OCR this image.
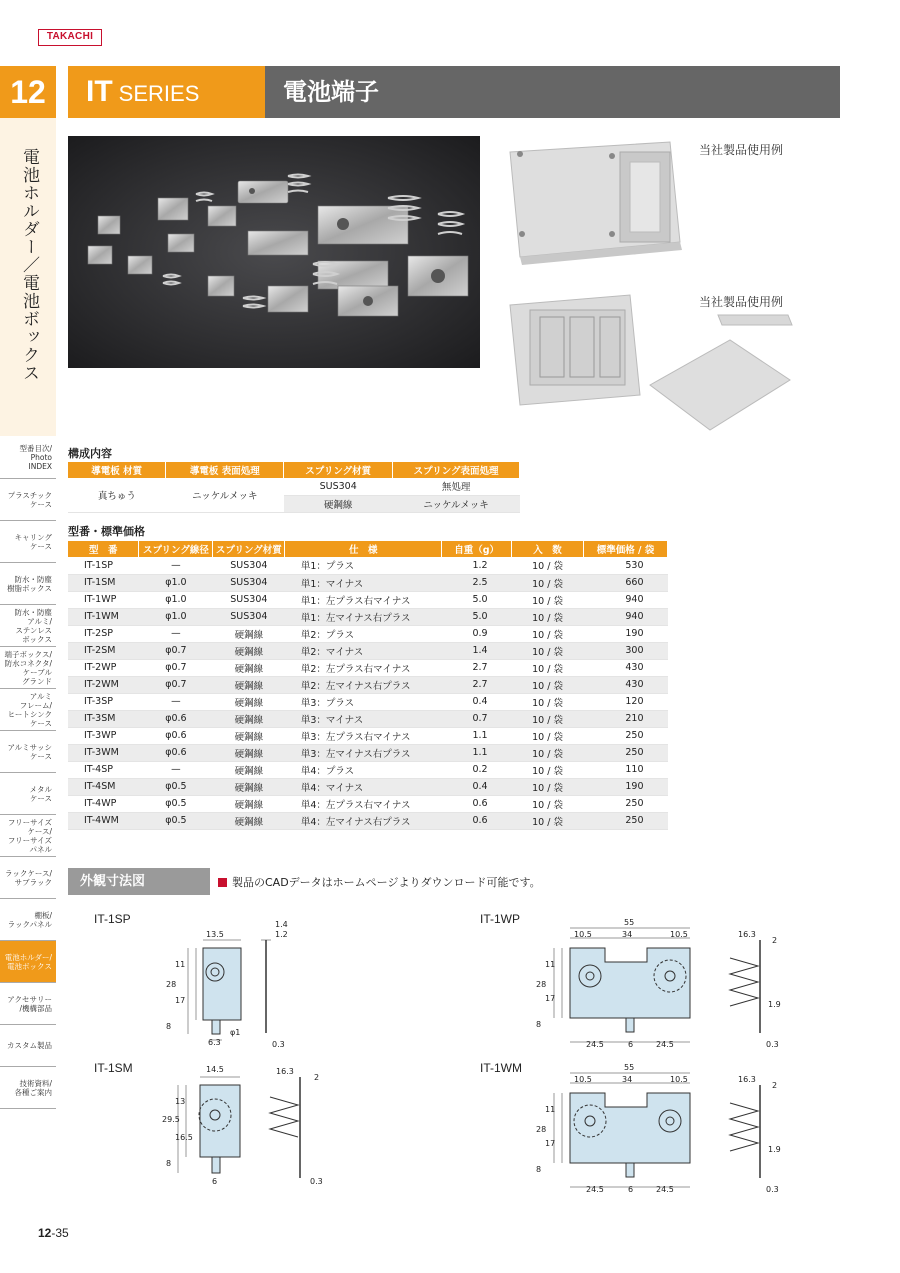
TAKACHI
12	IT SERIES	電池端子
電池ホルダー／電池ボックス
型番目次/
Photo
INDEX
プラスチック
ケース
キャリング
ケース
防水・防塵
樹脂ボックス
防水・防塵
アルミ/
ステンレス
ボックス
端子ボックス/
防水コネクタ/
ケーブル
グランド
アルミ
フレーム/
ヒートシンク
ケース
アルミサッシ
ケース
メタル
ケース
フリーサイズ
ケース/
フリーサイズ
パネル
ラックケース/
サブラック
棚板/
ラックパネル
電池ホルダー/
電池ボックス
アクセサリー
/機構部品
カスタム製品
技術資料/
各種ご案内
当社製品使用例
当社製品使用例
構成内容
導電板 材質	導電板 表面処理	スプリング材質	スプリング表面処理
真ちゅう	ニッケルメッキ	SUS304	無処理
		硬鋼線	ニッケルメッキ
型番・標準価格
型　番	スプリング線径	スプリング材質	仕　様	自重（g）	入　数	標準価格 / 袋
IT-1SP	—	SUS304	単1：プラス	1.2	10 / 袋	530
IT-1SM	φ1.0	SUS304	単1：マイナス	2.5	10 / 袋	660
IT-1WP	φ1.0	SUS304	単1：左プラス右マイナス	5.0	10 / 袋	940
IT-1WM	φ1.0	SUS304	単1：左マイナス右プラス	5.0	10 / 袋	940
IT-2SP	—	硬鋼線	単2：プラス	0.9	10 / 袋	190
IT-2SM	φ0.7	硬鋼線	単2：マイナス	1.4	10 / 袋	300
IT-2WP	φ0.7	硬鋼線	単2：左プラス右マイナス	2.7	10 / 袋	430
IT-2WM	φ0.7	硬鋼線	単2：左マイナス右プラス	2.7	10 / 袋	430
IT-3SP	—	硬鋼線	単3：プラス	0.4	10 / 袋	120
IT-3SM	φ0.6	硬鋼線	単3：マイナス	0.7	10 / 袋	210
IT-3WP	φ0.6	硬鋼線	単3：左プラス右マイナス	1.1	10 / 袋	250
IT-3WM	φ0.6	硬鋼線	単3：左マイナス右プラス	1.1	10 / 袋	250
IT-4SP	—	硬鋼線	単4：プラス	0.2	10 / 袋	110
IT-4SM	φ0.5	硬鋼線	単4：マイナス	0.4	10 / 袋	190
IT-4WP	φ0.5	硬鋼線	単4：左プラス右マイナス	0.6	10 / 袋	250
IT-4WM	φ0.5	硬鋼線	単4：左マイナス右プラス	0.6	10 / 袋	250
外観寸法図	製品のCADデータはホームページよりダウンロード可能です。
IT-1SP	IT-1WP
IT-1SM	IT-1WM
13.5
28
11
17
8
6.3
φ1
1.4
1.2
0.3
55
10.5	34	10.5
28
11
17
8
24.5	6	24.5
16.3
2
1.9
0.3
14.5
29.5
13
16.5
8
6
16.3
2
0.3
55
10.5	34	10.5
28
11
17
8
24.5	6	24.5
16.3
2
1.9
0.3
12-35
